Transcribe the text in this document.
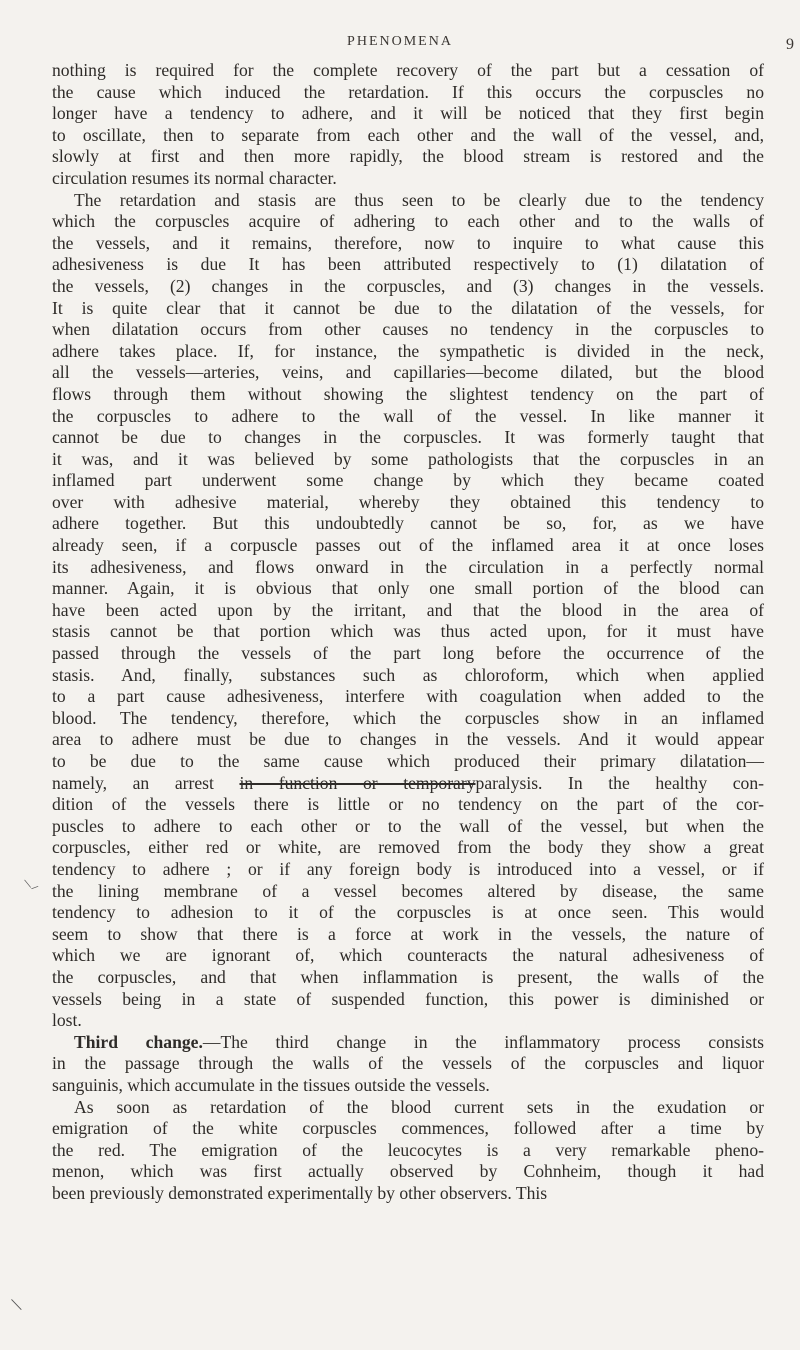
PHENOMENA	9
nothing is required for the complete recovery of the part but a cessation of
the cause which induced the retardation. If this occurs the corpuscles no
longer have a tendency to adhere, and it will be noticed that they first begin
to oscillate, then to separate from each other and the wall of the vessel, and,
slowly at first and then more rapidly, the blood stream is restored and the
circulation resumes its normal character.
The retardation and stasis are thus seen to be clearly due to the tendency
which the corpuscles acquire of adhering to each other and to the walls of
the vessels, and it remains, therefore, now to inquire to what cause this
adhesiveness is due It has been attributed respectively to (1) dilatation of
the vessels, (2) changes in the corpuscles, and (3) changes in the vessels.
It is quite clear that it cannot be due to the dilatation of the vessels, for
when dilatation occurs from other causes no tendency in the corpuscles to
adhere takes place. If, for instance, the sympathetic is divided in the neck,
all the vessels—arteries, veins, and capillaries—become dilated, but the blood
flows through them without showing the slightest tendency on the part of
the corpuscles to adhere to the wall of the vessel. In like manner it
cannot be due to changes in the corpuscles. It was formerly taught that
it was, and it was believed by some pathologists that the corpuscles in an
inflamed part underwent some change by which they became coated
over with adhesive material, whereby they obtained this tendency to
adhere together. But this undoubtedly cannot be so, for, as we have
already seen, if a corpuscle passes out of the inflamed area it at once loses
its adhesiveness, and flows onward in the circulation in a perfectly normal
manner. Again, it is obvious that only one small portion of the blood can
have been acted upon by the irritant, and that the blood in the area of
stasis cannot be that portion which was thus acted upon, for it must have
passed through the vessels of the part long before the occurrence of the
stasis. And, finally, substances such as chloroform, which when applied
to a part cause adhesiveness, interfere with coagulation when added to the
blood. The tendency, therefore, which the corpuscles show in an inflamed
area to adhere must be due to changes in the vessels. And it would appear
to be due to the same cause which produced their primary dilatation—
namely, an arrest in function or temporaryparalysis. In the healthy con-
dition of the vessels there is little or no tendency on the part of the cor-
puscles to adhere to each other or to the wall of the vessel, but when the
corpuscles, either red or white, are removed from the body they show a great
tendency to adhere ; or if any foreign body is introduced into a vessel, or if
the lining membrane of a vessel becomes altered by disease, the same
tendency to adhesion to it of the corpuscles is at once seen. This would
seem to show that there is a force at work in the vessels, the nature of
which we are ignorant of, which counteracts the natural adhesiveness of
the corpuscles, and that when inflammation is present, the walls of the
vessels being in a state of suspended function, this power is diminished or
lost.
Third change.—The third change in the inflammatory process consists
in the passage through the walls of the vessels of the corpuscles and liquor
sanguinis, which accumulate in the tissues outside the vessels.
As soon as retardation of the blood current sets in the exudation or
emigration of the white corpuscles commences, followed after a time by
the red. The emigration of the leucocytes is a very remarkable pheno-
menon, which was first actually observed by Cohnheim, though it had
been previously demonstrated experimentally by other observers. This
\_
\
